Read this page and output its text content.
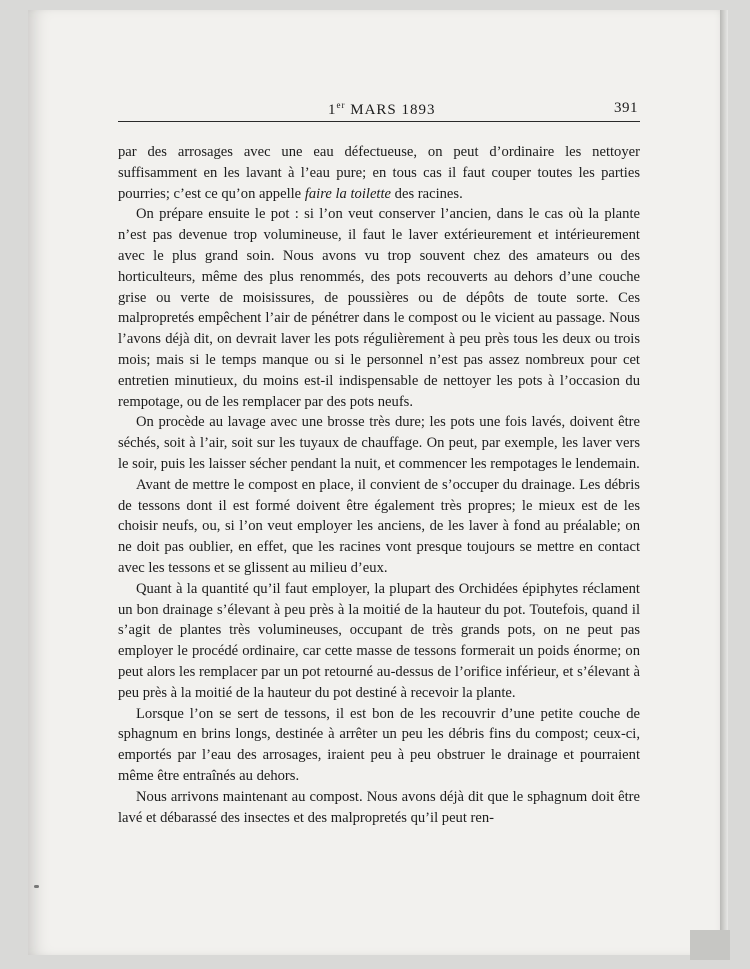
1er MARS 1893	391

par des arrosages avec une eau défectueuse, on peut d’ordinaire les nettoyer suffisamment en les lavant à l’eau pure; en tous cas il faut couper toutes les parties pourries; c’est ce qu’on appelle faire la toilette des racines.

On prépare ensuite le pot : si l’on veut conserver l’ancien, dans le cas où la plante n’est pas devenue trop volumineuse, il faut le laver extérieurement et intérieurement avec le plus grand soin. Nous avons vu trop souvent chez des amateurs ou des horticulteurs, même des plus renommés, des pots recouverts au dehors d’une couche grise ou verte de moisissures, de poussières ou de dépôts de toute sorte. Ces malpropretés empêchent l’air de pénétrer dans le compost ou le vicient au passage. Nous l’avons déjà dit, on devrait laver les pots régulièrement à peu près tous les deux ou trois mois; mais si le temps manque ou si le personnel n’est pas assez nombreux pour cet entretien minutieux, du moins est-il indispensable de nettoyer les pots à l’occasion du rempotage, ou de les remplacer par des pots neufs.

On procède au lavage avec une brosse très dure; les pots une fois lavés, doivent être séchés, soit à l’air, soit sur les tuyaux de chauffage. On peut, par exemple, les laver vers le soir, puis les laisser sécher pendant la nuit, et commencer les rempotages le lendemain.

Avant de mettre le compost en place, il convient de s’occuper du drainage. Les débris de tessons dont il est formé doivent être également très propres; le mieux est de les choisir neufs, ou, si l’on veut employer les anciens, de les laver à fond au préalable; on ne doit pas oublier, en effet, que les racines vont presque toujours se mettre en contact avec les tessons et se glissent au milieu d’eux.

Quant à la quantité qu’il faut employer, la plupart des Orchidées épiphytes réclament un bon drainage s’élevant à peu près à la moitié de la hauteur du pot. Toutefois, quand il s’agit de plantes très volumineuses, occupant de très grands pots, on ne peut pas employer le procédé ordinaire, car cette masse de tessons formerait un poids énorme; on peut alors les remplacer par un pot retourné au-dessus de l’orifice inférieur, et s’élevant à peu près à la moitié de la hauteur du pot destiné à recevoir la plante.

Lorsque l’on se sert de tessons, il est bon de les recouvrir d’une petite couche de sphagnum en brins longs, destinée à arrêter un peu les débris fins du compost; ceux-ci, emportés par l’eau des arrosages, iraient peu à peu obstruer le drainage et pourraient même être entraînés au dehors.

Nous arrivons maintenant au compost. Nous avons déjà dit que le sphagnum doit être lavé et débarassé des insectes et des malpropretés qu’il peut ren-
